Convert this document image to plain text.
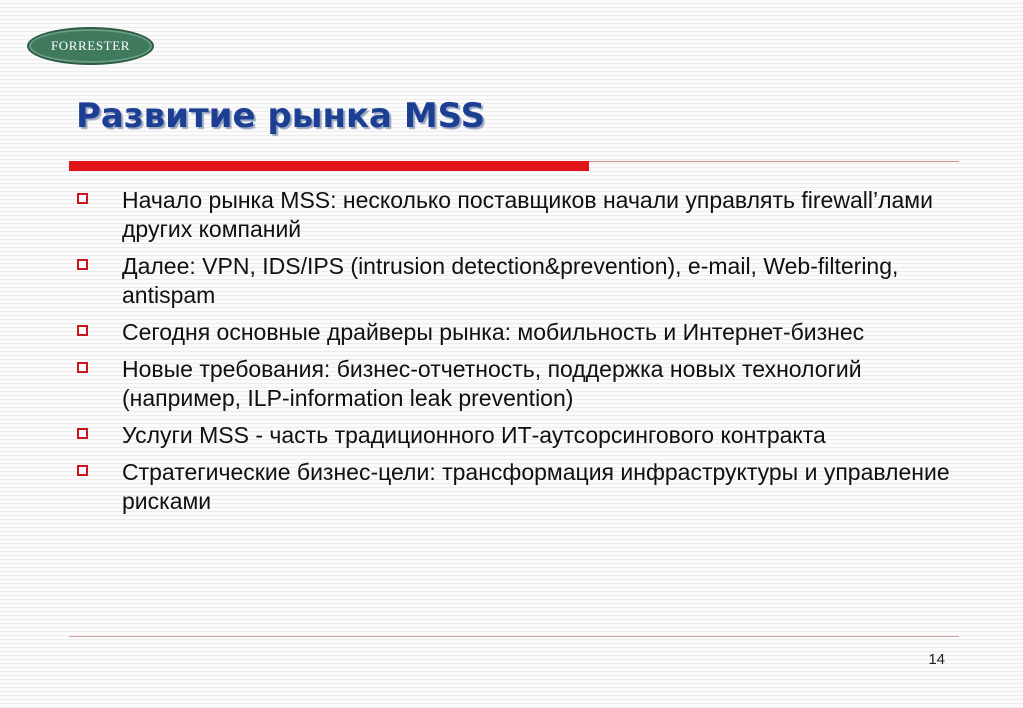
FORRESTER
Развитие рынка MSS
Начало рынка MSS: несколько поставщиков начали управлять firewall’лами других компаний
Далее: VPN, IDS/IPS (intrusion detection&prevention), e-mail, Web-filtering, antispam
Сегодня основные драйверы рынка: мобильность и Интернет-бизнес
Новые требования: бизнес-отчетность, поддержка новых технологий (например, ILP-information leak prevention)
Услуги MSS - часть традиционного ИТ-аутсорсингового контракта
Стратегические бизнес-цели: трансформация инфраструктуры и управление рисками
14
